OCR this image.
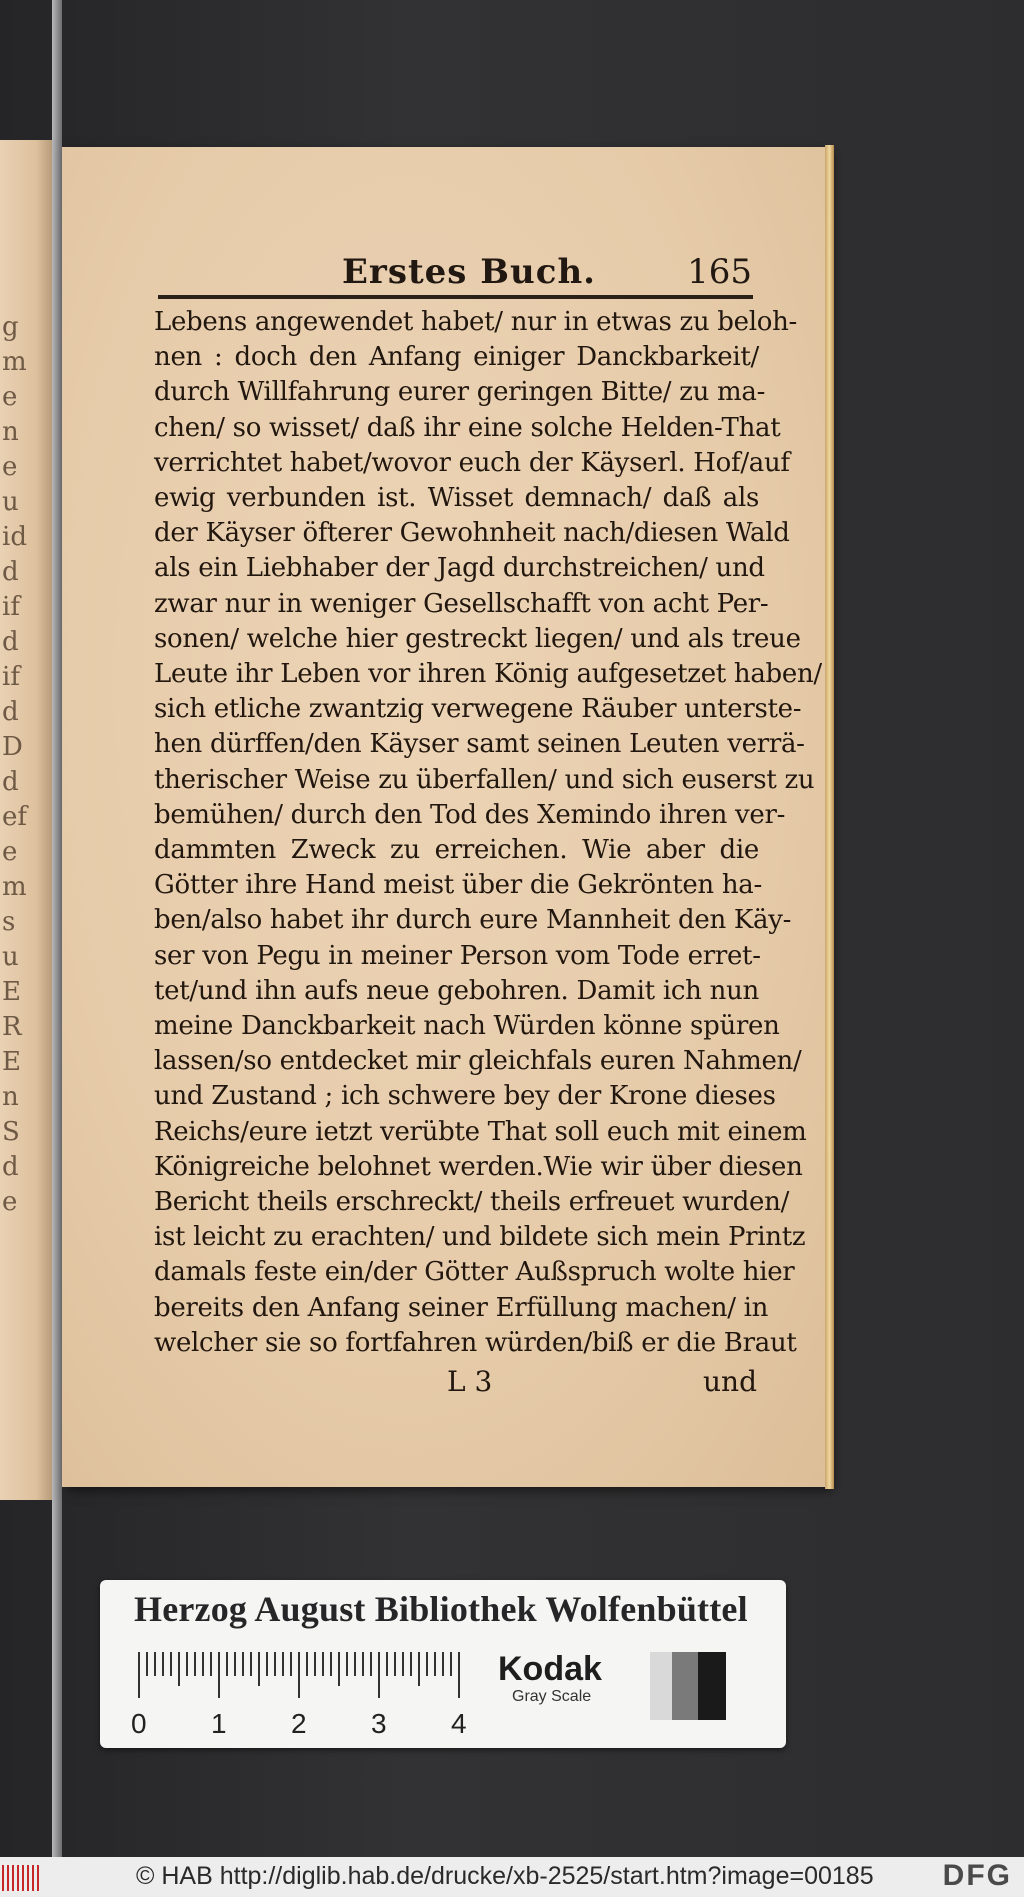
g
m
e
n
e
u
id
d
if
d
if
d
D
d
ef
e
m
s
u
E
R
E
n
S
d
e
Erstes Buch.	165
Lebens angewendet habet/ nur in etwas zu beloh-
nen : doch den Anfang einiger Danckbarkeit/
durch Willfahrung eurer geringen Bitte/ zu ma-
chen/ so wisset/ daß ihr eine solche Helden-That
verrichtet habet/wovor euch der Käyserl. Hof/auf
ewig verbunden ist. Wisset demnach/ daß als
der Käyser öfterer Gewohnheit nach/diesen Wald
als ein Liebhaber der Jagd durchstreichen/ und
zwar nur in weniger Gesellschafft von acht Per-
sonen/ welche hier gestreckt liegen/ und als treue
Leute ihr Leben vor ihren König aufgesetzet haben/
sich etliche zwantzig verwegene Räuber unterste-
hen dürffen/den Käyser samt seinen Leuten verrä-
therischer Weise zu überfallen/ und sich euserst zu
bemühen/ durch den Tod des Xemindo ihren ver-
dammten Zweck zu erreichen. Wie aber die
Götter ihre Hand meist über die Gekrönten ha-
ben/also habet ihr durch eure Mannheit den Käy-
ser von Pegu in meiner Person vom Tode erret-
tet/und ihn aufs neue gebohren. Damit ich nun
meine Danckbarkeit nach Würden könne spüren
lassen/so entdecket mir gleichfals euren Nahmen/
und Zustand ; ich schwere bey der Krone dieses
Reichs/eure ietzt verübte That soll euch mit einem
Königreiche belohnet werden.Wie wir über diesen
Bericht theils erschreckt/ theils erfreuet wurden/
ist leicht zu erachten/ und bildete sich mein Printz
damals feste ein/der Götter Außspruch wolte hier
bereits den Anfang seiner Erfüllung machen/ in
welcher sie so fortfahren würden/biß er die Braut
L 3	und
Herzog August Bibliothek Wolfenbüttel
0 1 2 3 4
Kodak
Gray Scale
© HAB http://diglib.hab.de/drucke/xb-2525/start.htm?image=00185 DFG
